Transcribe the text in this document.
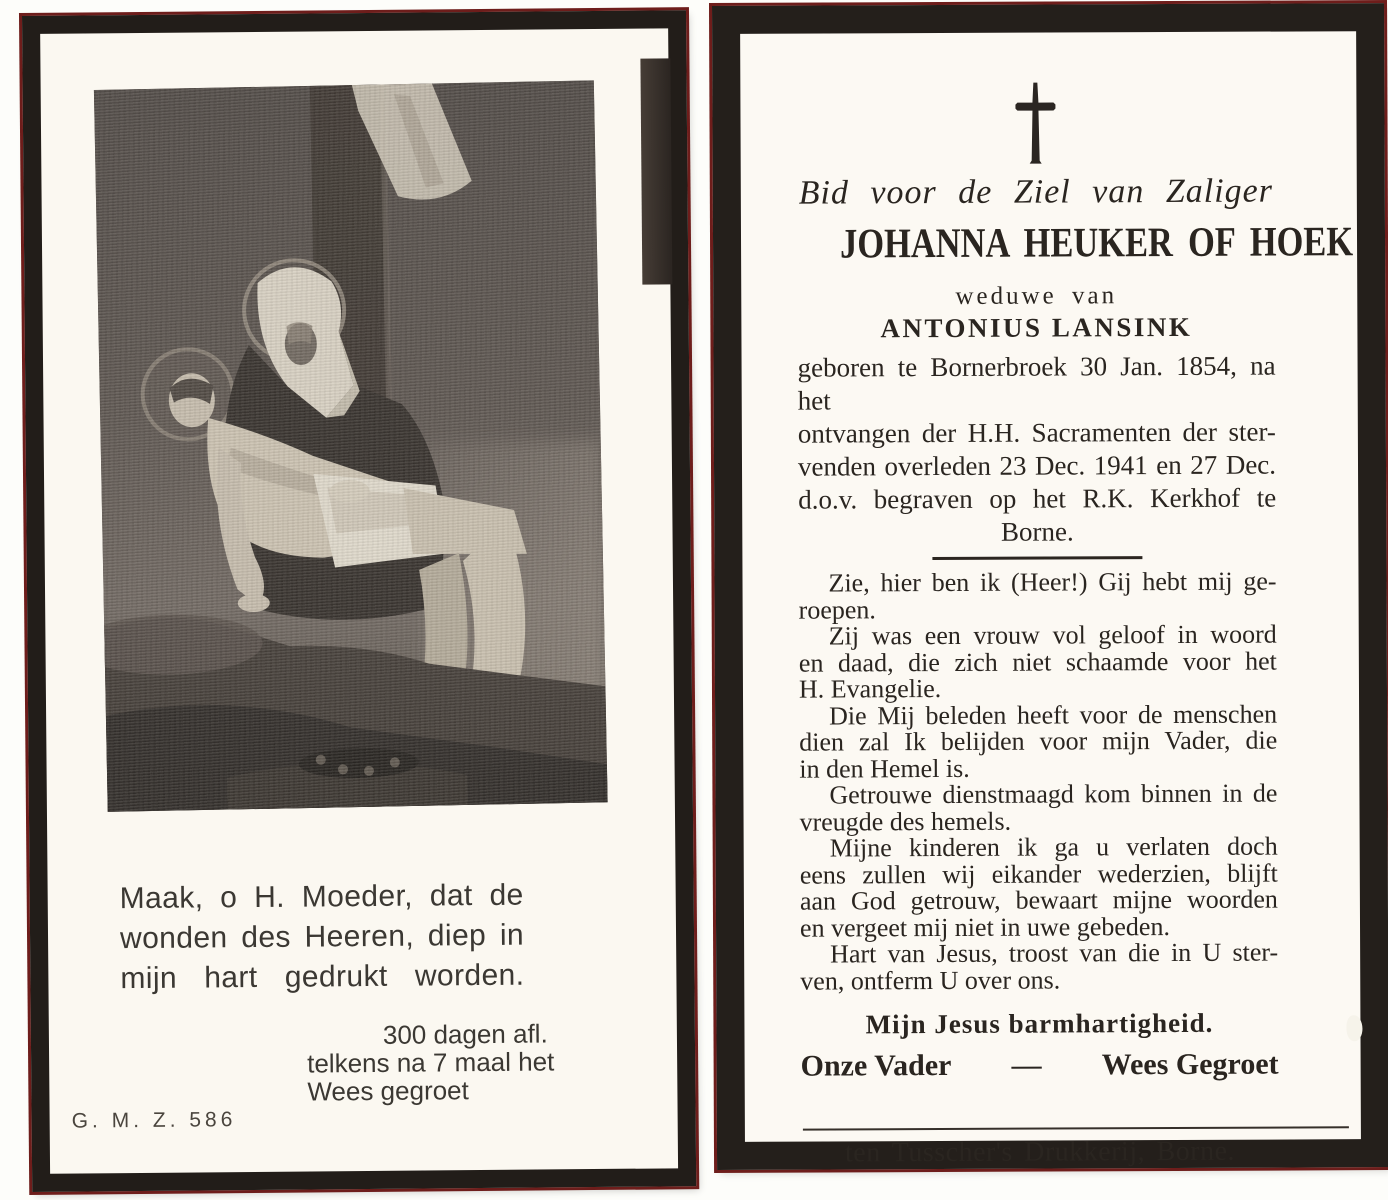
Maak, o H. Moeder, dat de
wonden des Heeren, diep in
mijn hart gedrukt worden.
300 dagen afl.
telkens na 7 maal het
Wees gegroet
G. M. Z. 586
Bid voor de Ziel van Zaliger
JOHANNA HEUKER OF HOEK
weduwe van
ANTONIUS LANSINK
geboren te Bornerbroek 30 Jan. 1854, na het
ontvangen der H.H. Sacramenten der ster-
venden overleden 23 Dec. 1941 en 27 Dec.
d.o.v. begraven op het R.K. Kerkhof te
Borne.
Zie, hier ben ik (Heer!) Gij hebt mij ge-
roepen.
Zij was een vrouw vol geloof in woord
en daad, die zich niet schaamde voor het
H. Evangelie.
Die Mij beleden heeft voor de menschen
dien zal Ik belijden voor mijn Vader, die
in den Hemel is.
Getrouwe dienstmaagd kom binnen in de
vreugde des hemels.
Mijne kinderen ik ga u verlaten doch
eens zullen wij eikander wederzien, blijft
aan God getrouw, bewaart mijne woorden
en vergeet mij niet in uwe gebeden.
Hart van Jesus, troost van die in U ster-
ven, ontferm U over ons.
Mijn Jesus barmhartigheid.
Onze Vader — Wees Gegroet
ten Tusscher's Drukkerij, Borne.
